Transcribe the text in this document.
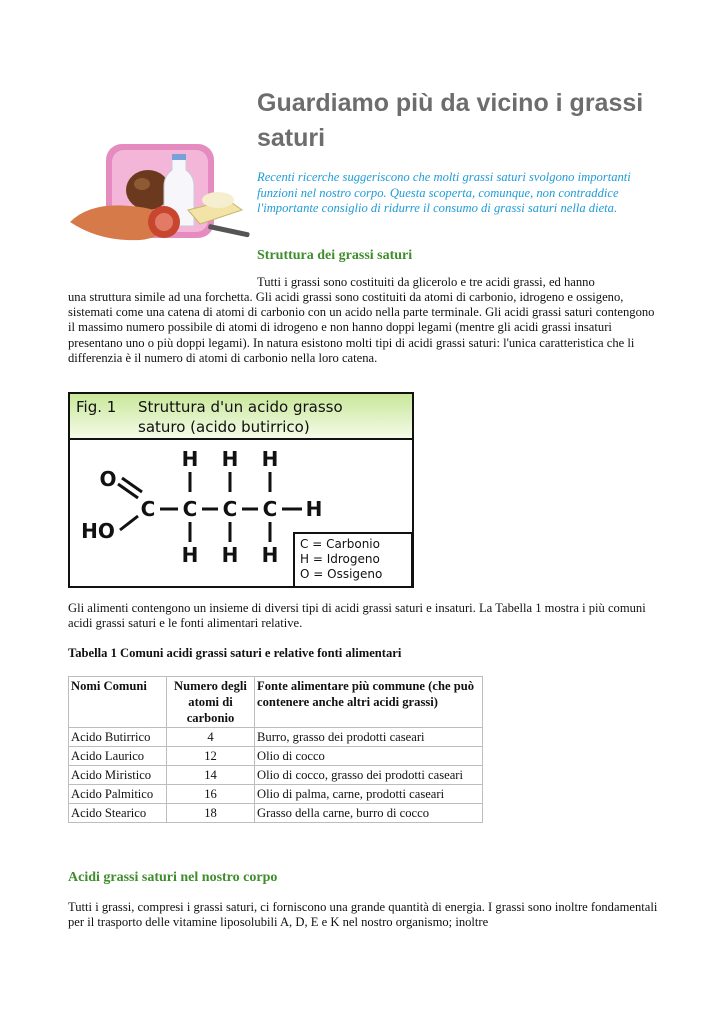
Guardiamo più da vicino i grassi saturi

Recenti ricerche suggeriscono che molti grassi saturi svolgono importanti funzioni nel nostro corpo. Questa scoperta, comunque, non contraddice l'importante consiglio di ridurre il consumo di grassi saturi nella dieta.

Struttura dei grassi saturi

Tutti i grassi sono costituiti da glicerolo e tre acidi grassi, ed hanno

una struttura simile ad una forchetta. Gli acidi grassi sono costituiti da atomi di carbonio, idrogeno e ossigeno, sistemati come una catena di atomi di carbonio con un acido nella parte terminale. Gli acidi grassi saturi contengono il massimo numero possibile di atomi di idrogeno e non hanno doppi legami (mentre gli acidi grassi insaturi presentano uno o più doppi legami). In natura esistono molti tipi di acidi grassi saturi: l'unica caratteristica che li differenzia è il numero di atomi di carbonio nella loro catena.

Fig. 1 Struttura d'un acido grasso
saturo (acido butirrico)
H H H
O
C C C C H
HO
H H H C = Carbonio
H = Idrogeno
O = Ossigeno

Gli alimenti contengono un insieme di diversi tipi di acidi grassi saturi e insaturi. La Tabella 1 mostra i più comuni acidi grassi saturi e le fonti alimentari relative.

Tabella 1 Comuni acidi grassi saturi e relative fonti alimentari

Nomi Comuni	Numero degli atomi di carbonio	Fonte alimentare più commune (che può contenere anche altri acidi grassi)
Acido Butirrico	4	Burro, grasso dei prodotti caseari
Acido Laurico	12	Olio di cocco
Acido Miristico	14	Olio di cocco, grasso dei prodotti caseari
Acido Palmitico	16	Olio di palma, carne, prodotti caseari
Acido Stearico	18	Grasso della carne, burro di cocco
Acidi grassi saturi nel nostro corpo

Tutti i grassi, compresi i grassi saturi, ci forniscono una grande quantità di energia. I grassi sono inoltre fondamentali per il trasporto delle vitamine liposolubili A, D, E e K nel nostro organismo; inoltre
